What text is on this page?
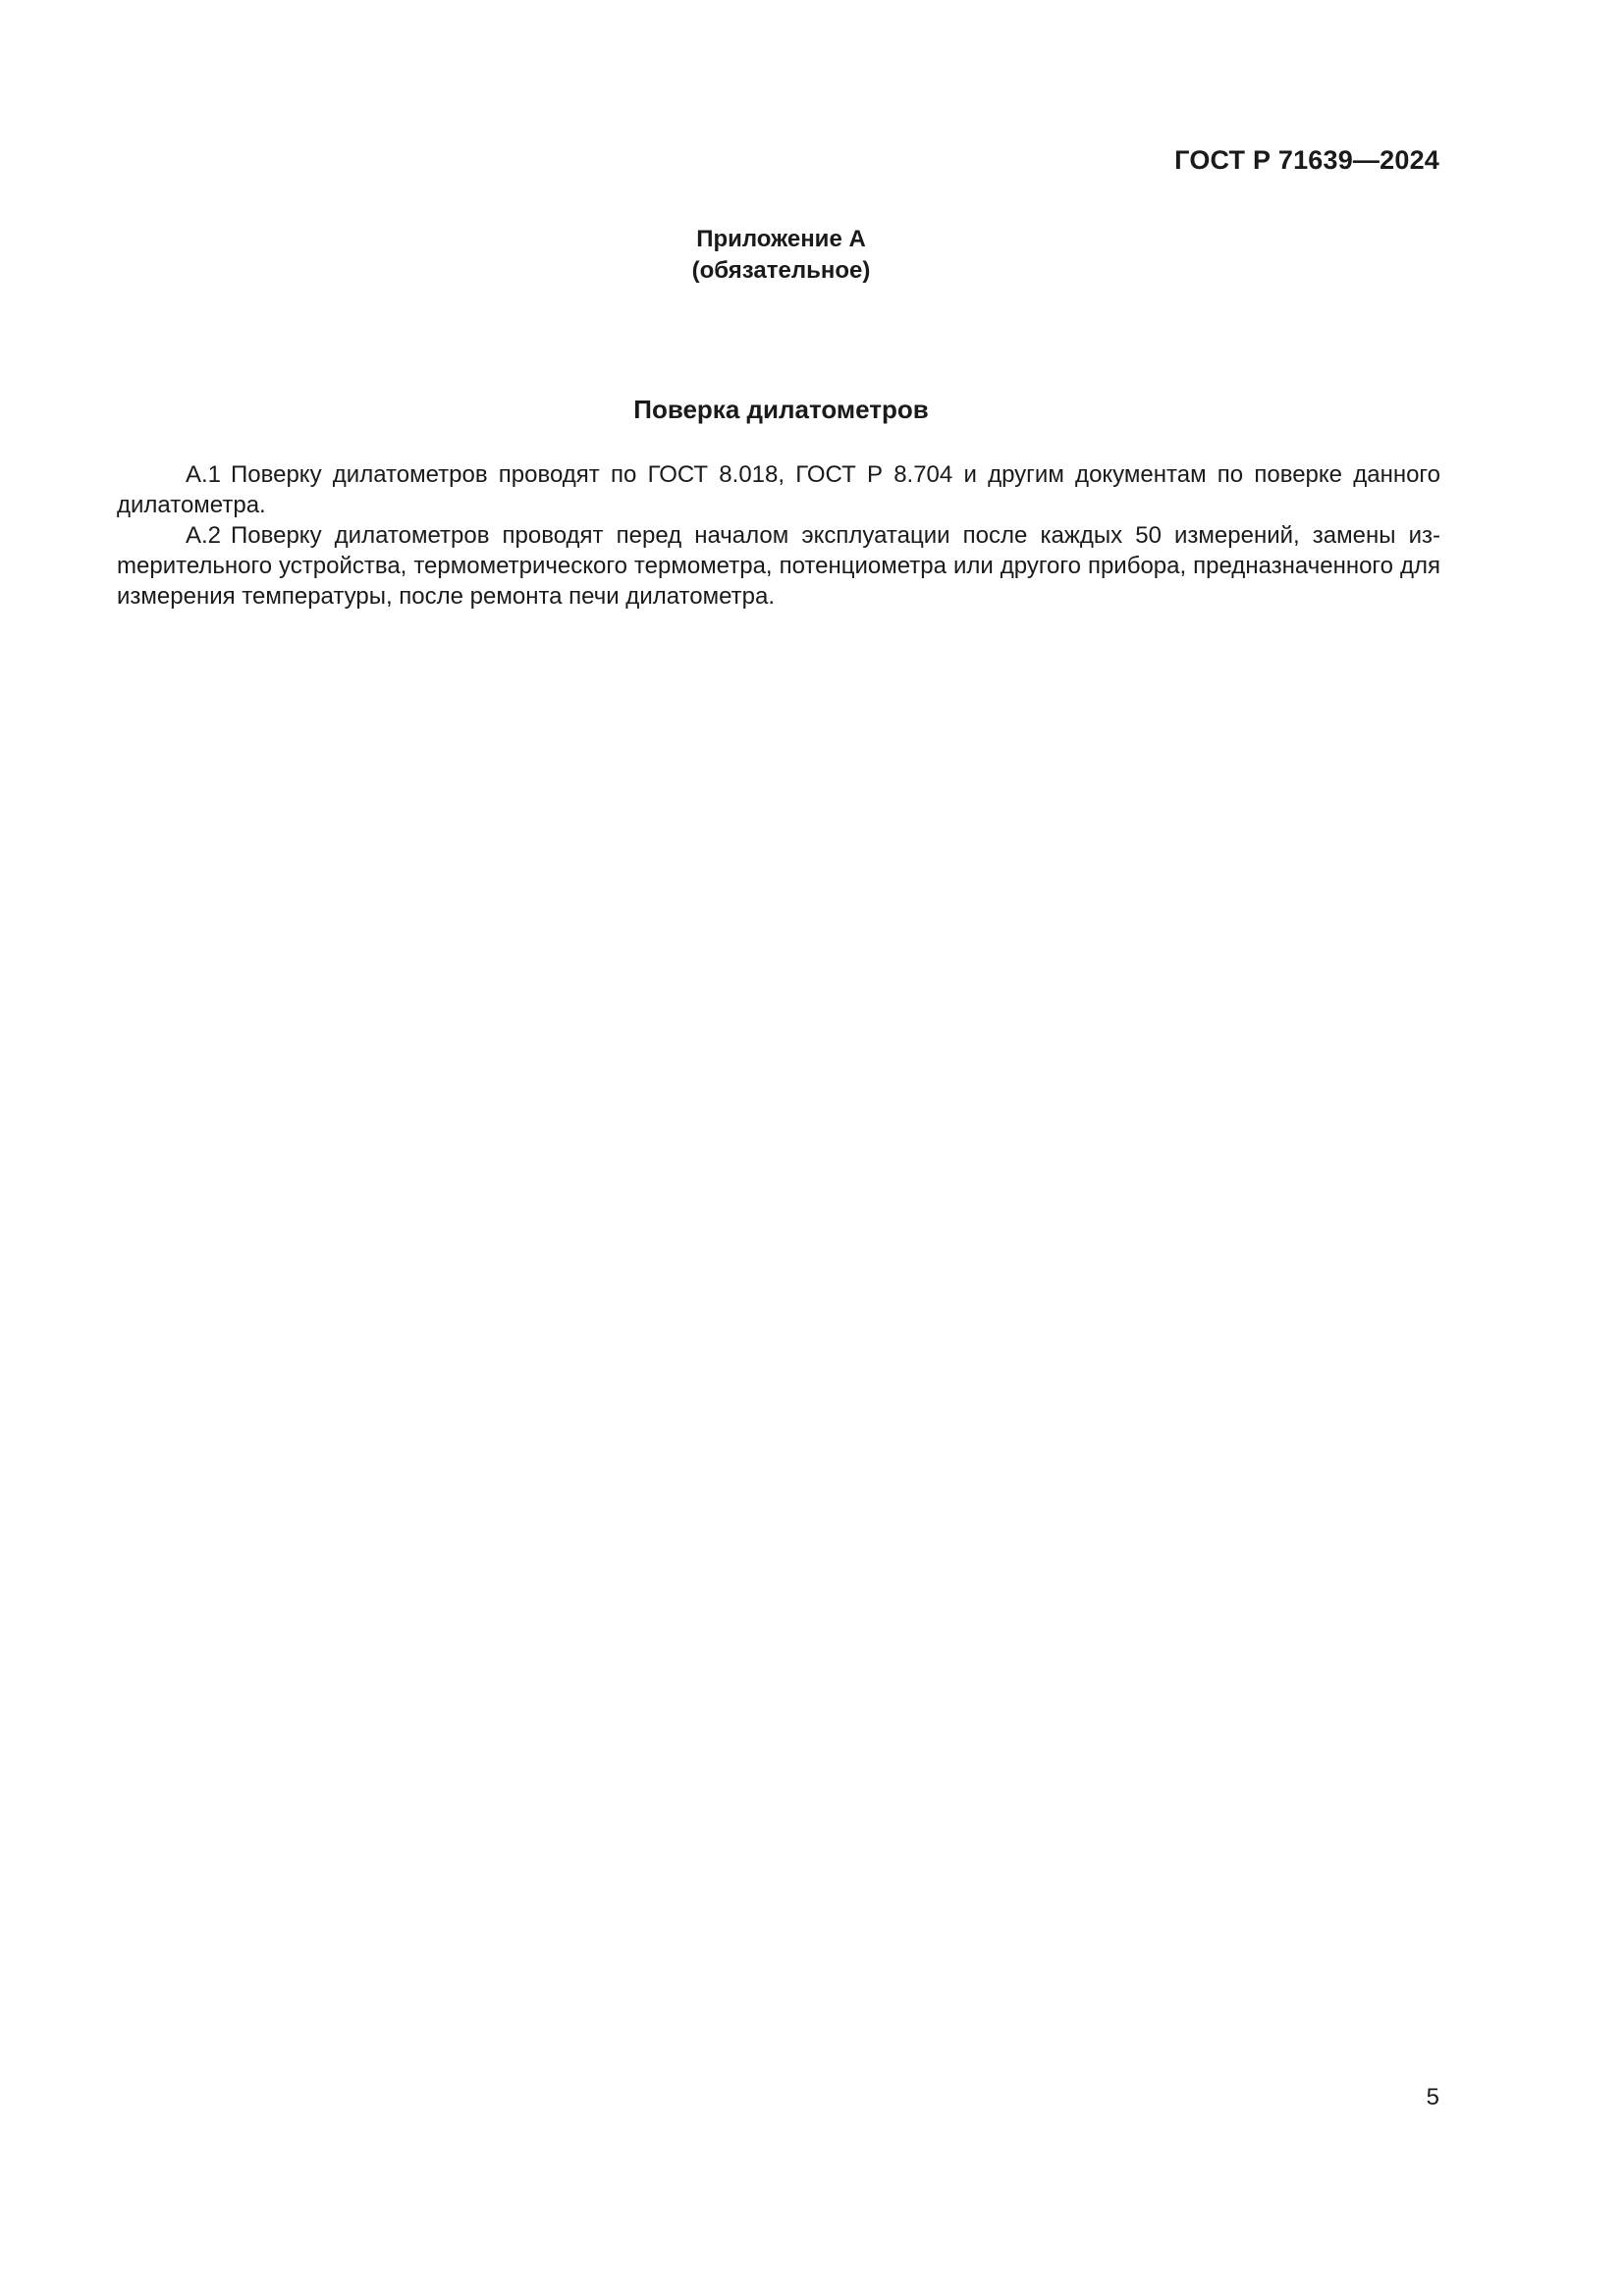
ГОСТ Р 71639—2024
Приложение А
(обязательное)
Поверка дилатометров

А.1 Поверку дилатометров проводят по ГОСТ 8.018, ГОСТ Р 8.704 и другим документам по поверке данного дилатометра.

А.2 Поверку дилатометров проводят перед началом эксплуатации после каждых 50 измерений, замены изmерительного устройства, термометрического термометра, потенциометра или другого прибора, предназначенного для измерения температуры, после ремонта печи дилатометра.

5
